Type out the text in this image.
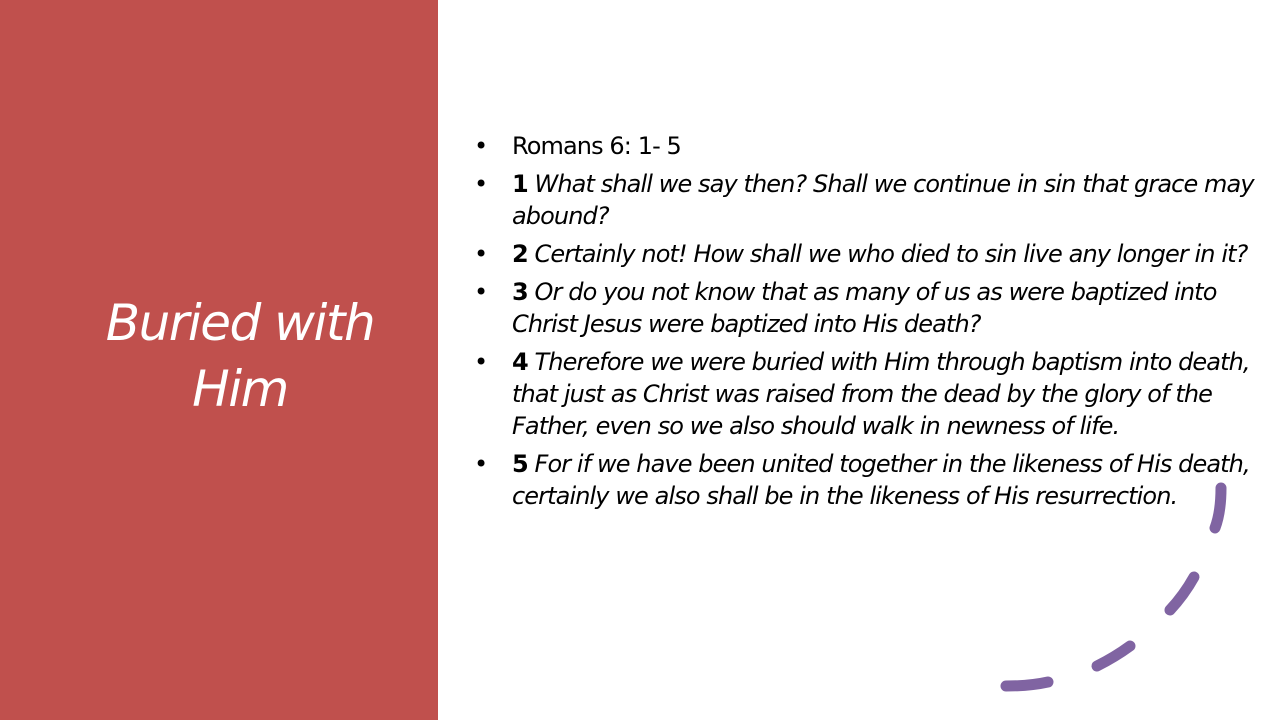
Buried with
Him
• Romans 6: 1- 5
• 1 What shall we say then? Shall we continue in sin that grace may abound?
• 2 Certainly not! How shall we who died to sin live any longer in it?
• 3 Or do you not know that as many of us as were baptized into Christ Jesus were baptized into His death?
• 4 Therefore we were buried with Him through baptism into death, that just as Christ was raised from the dead by the glory of the Father, even so we also should walk in newness of life.
• 5 For if we have been united together in the likeness of His death, certainly we also shall be in the likeness of His resurrection.
